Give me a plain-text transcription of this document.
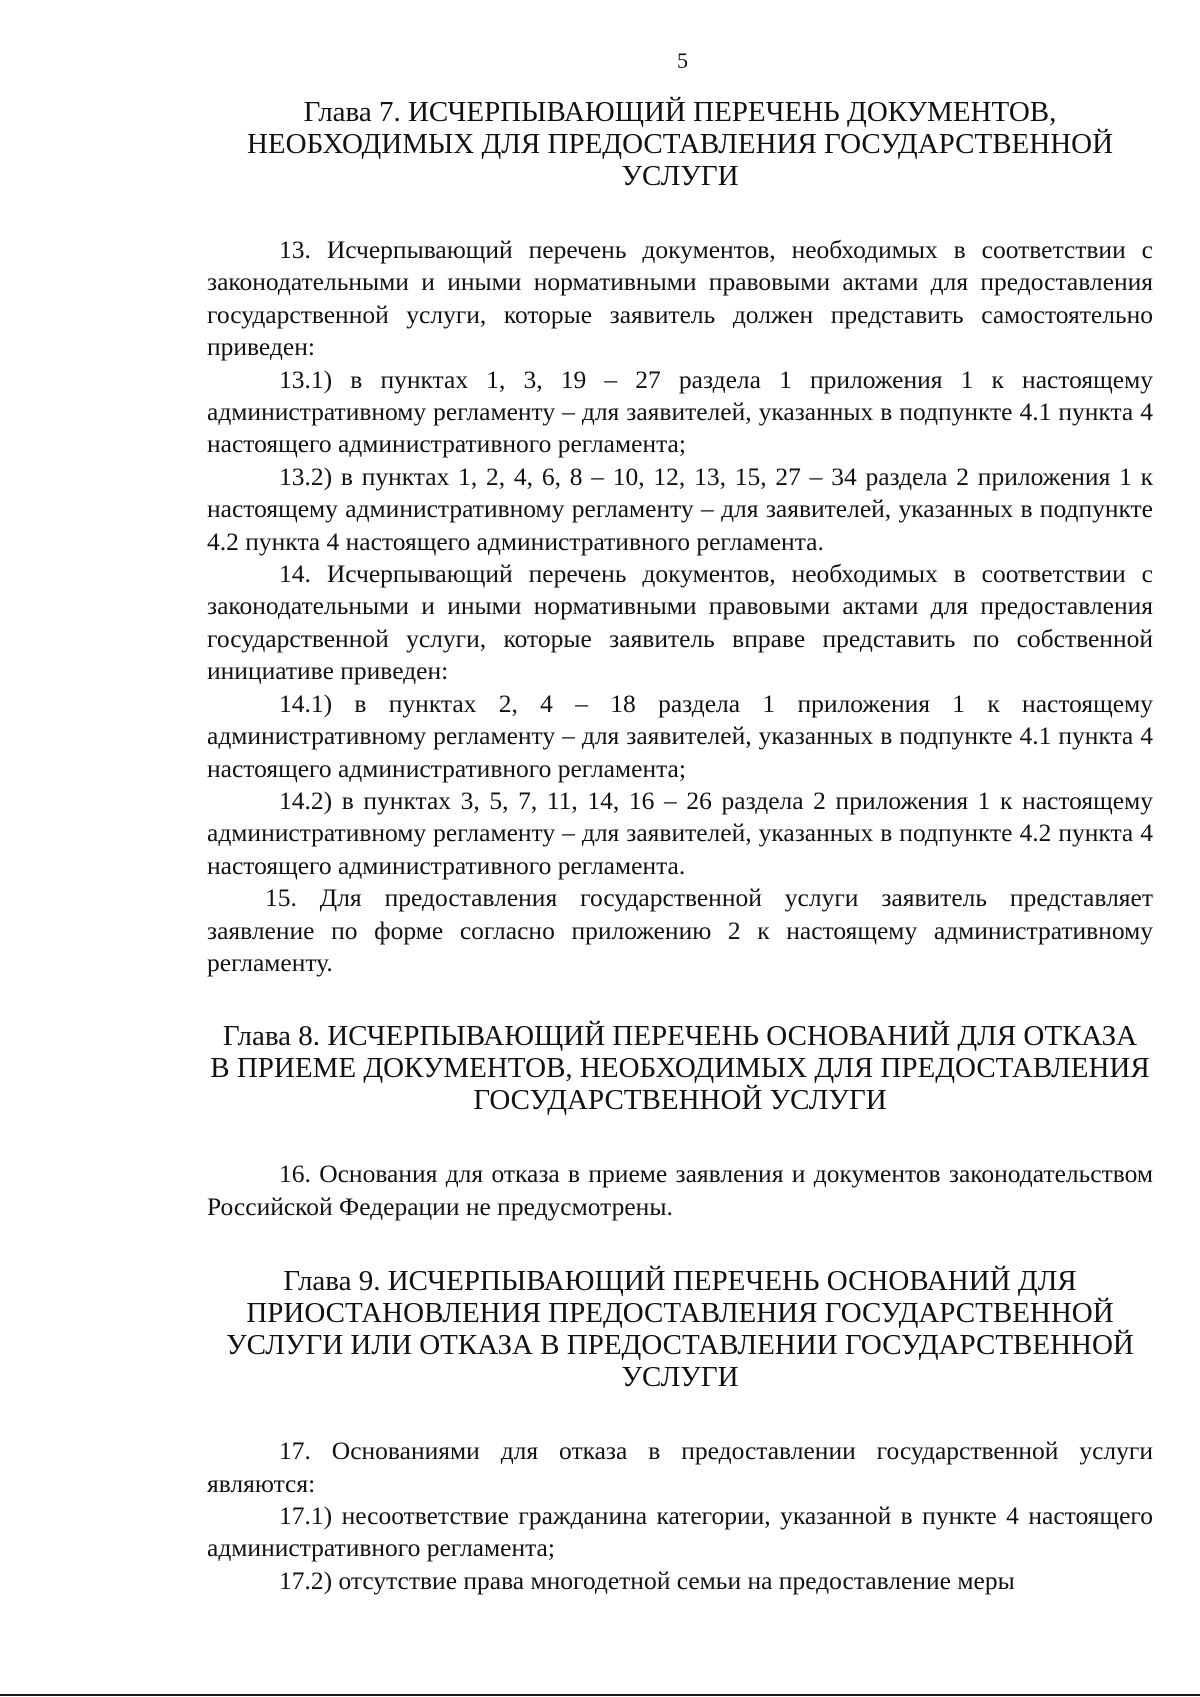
5
Глава 7. ИСЧЕРПЫВАЮЩИЙ ПЕРЕЧЕНЬ ДОКУМЕНТОВ,
НЕОБХОДИМЫХ ДЛЯ ПРЕДОСТАВЛЕНИЯ ГОСУДАРСТВЕННОЙ
УСЛУГИ

13. Исчерпывающий перечень документов, необходимых в соответствии с законодательными и иными нормативными правовыми актами для предоставления государственной услуги, которые заявитель должен представить самостоятельно приведен:

13.1) в пунктах 1, 3, 19 – 27 раздела 1 приложения 1 к настоящему административному регламенту – для заявителей, указанных в подпункте 4.1 пункта 4 настоящего административного регламента;

13.2) в пунктах 1, 2, 4, 6, 8 – 10, 12, 13, 15, 27 – 34 раздела 2 приложения 1 к настоящему административному регламенту – для заявителей, указанных в подпункте 4.2 пункта 4 настоящего административного регламента.

14. Исчерпывающий перечень документов, необходимых в соответствии с законодательными и иными нормативными правовыми актами для предоставления государственной услуги, которые заявитель вправе представить по собственной инициативе приведен:

14.1) в пунктах 2, 4 – 18 раздела 1 приложения 1 к настоящему административному регламенту – для заявителей, указанных в подпункте 4.1 пункта 4 настоящего административного регламента;

14.2) в пунктах 3, 5, 7, 11, 14, 16 – 26 раздела 2 приложения 1 к настоящему административному регламенту – для заявителей, указанных в подпункте 4.2 пункта 4 настоящего административного регламента.

15. Для предоставления государственной услуги заявитель представляет заявление по форме согласно приложению 2 к настоящему административному регламенту.

Глава 8. ИСЧЕРПЫВАЮЩИЙ ПЕРЕЧЕНЬ ОСНОВАНИЙ ДЛЯ ОТКАЗА
В ПРИЕМЕ ДОКУМЕНТОВ, НЕОБХОДИМЫХ ДЛЯ ПРЕДОСТАВЛЕНИЯ
ГОСУДАРСТВЕННОЙ УСЛУГИ

16. Основания для отказа в приеме заявления и документов законодательством Российской Федерации не предусмотрены.

Глава 9. ИСЧЕРПЫВАЮЩИЙ ПЕРЕЧЕНЬ ОСНОВАНИЙ ДЛЯ
ПРИОСТАНОВЛЕНИЯ ПРЕДОСТАВЛЕНИЯ ГОСУДАРСТВЕННОЙ
УСЛУГИ ИЛИ ОТКАЗА В ПРЕДОСТАВЛЕНИИ ГОСУДАРСТВЕННОЙ
УСЛУГИ

17. Основаниями для отказа в предоставлении государственной услуги являются:

17.1) несоответствие гражданина категории, указанной в пункте 4 настоящего административного регламента;

17.2) отсутствие права многодетной семьи на предоставление меры
